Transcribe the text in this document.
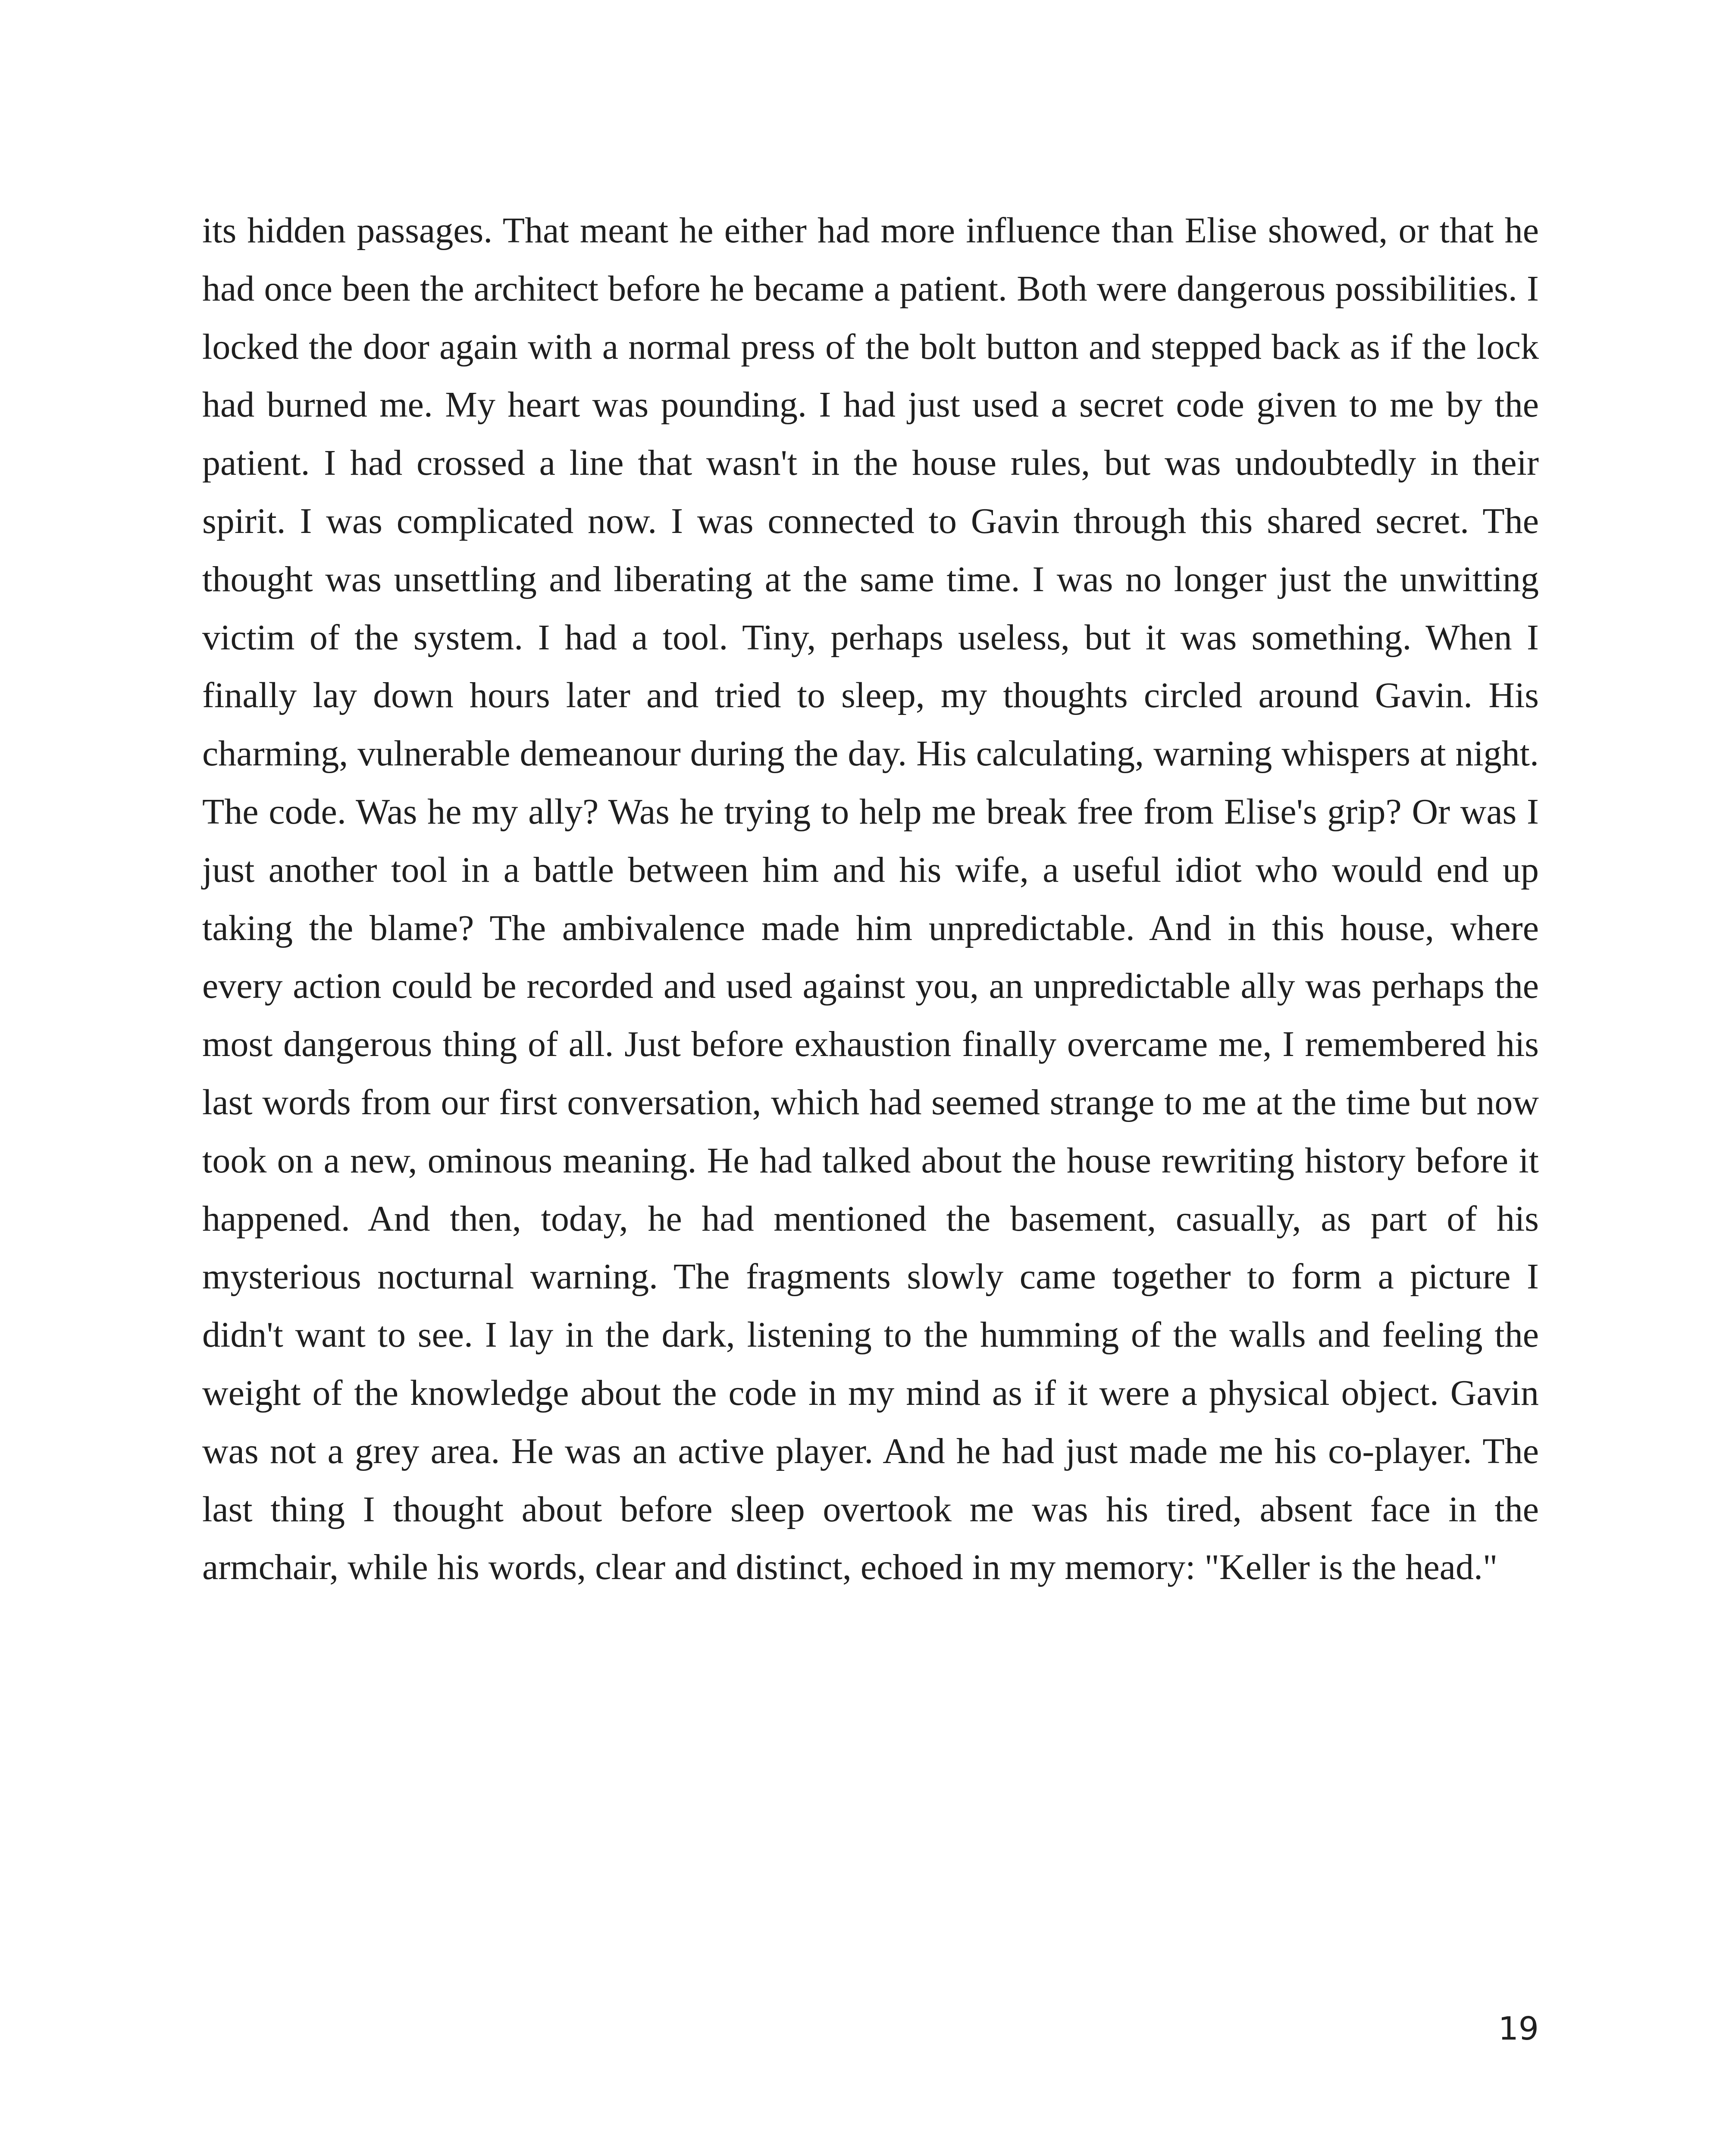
its hidden passages. That meant he either had more influence than Elise showed, or that he had once been the architect before he became a patient. Both were dangerous possibilities. I locked the door again with a normal press of the bolt button and stepped back as if the lock had burned me. My heart was pounding. I had just used a secret code given to me by the patient. I had crossed a line that wasn't in the house rules, but was undoubtedly in their spirit. I was complicated now. I was connected to Gavin through this shared secret. The thought was unsettling and liberating at the same time. I was no longer just the unwitting victim of the system. I had a tool. Tiny, perhaps useless, but it was something. When I finally lay down hours later and tried to sleep, my thoughts circled around Gavin. His charming, vulnerable demeanour during the day. His calculating, warning whispers at night. The code. Was he my ally? Was he trying to help me break free from Elise's grip? Or was I just another tool in a battle between him and his wife, a useful idiot who would end up taking the blame? The ambivalence made him unpredictable. And in this house, where every action could be recorded and used against you, an unpredictable ally was perhaps the most dangerous thing of all. Just before exhaustion finally overcame me, I remembered his last words from our first conversation, which had seemed strange to me at the time but now took on a new, ominous meaning. He had talked about the house rewriting history before it happened. And then, today, he had mentioned the basement, casually, as part of his mysterious nocturnal warning. The fragments slowly came together to form a picture I didn't want to see. I lay in the dark, listening to the humming of the walls and feeling the weight of the knowledge about the code in my mind as if it were a physical object. Gavin was not a grey area. He was an active player. And he had just made me his co-player. The last thing I thought about before sleep overtook me was his tired, absent face in the armchair, while his words, clear and distinct, echoed in my memory: "Keller is the head."

19
